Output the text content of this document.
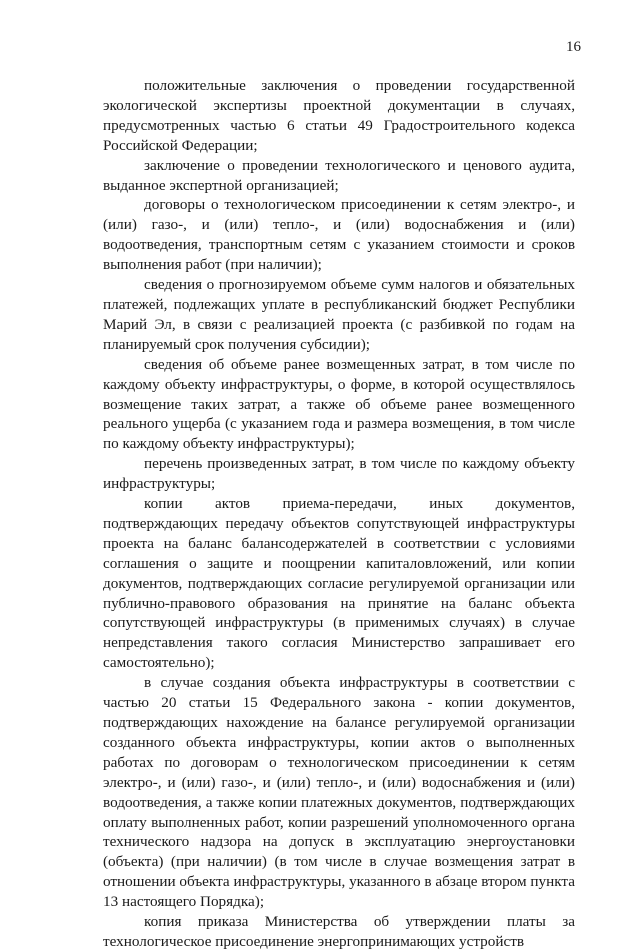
16

положительные заключения о проведении государственной экологической экспертизы проектной документации в случаях, предусмотренных частью 6 статьи 49 Градостроительного кодекса Российской Федерации;

заключение о проведении технологического и ценового аудита, выданное экспертной организацией;

договоры о технологическом присоединении к сетям электро-, и (или) газо-, и (или) тепло-, и (или) водоснабжения и (или) водоотведения, транспортным сетям с указанием стоимости и сроков выполнения работ (при наличии);

сведения о прогнозируемом объеме сумм налогов и обязательных платежей, подлежащих уплате в республиканский бюджет Республики Марий Эл, в связи с реализацией проекта (с разбивкой по годам на планируемый срок получения субсидии);

сведения об объеме ранее возмещенных затрат, в том числе по каждому объекту инфраструктуры, о форме, в которой осуществлялось возмещение таких затрат, а также об объеме ранее возмещенного реального ущерба (с указанием года и размера возмещения, в том числе по каждому объекту инфраструктуры);

перечень произведенных затрат, в том числе по каждому объекту инфраструктуры;

копии актов приема-передачи, иных документов, подтверждающих передачу объектов сопутствующей инфраструктуры проекта на баланс балансодержателей в соответствии с условиями соглашения о защите и поощрении капиталовложений, или копии документов, подтверждающих согласие регулируемой организации или публично-правового образования на принятие на баланс объекта сопутствующей инфраструктуры (в применимых случаях) в случае непредставления такого согласия Министерство запрашивает его самостоятельно);

в случае создания объекта инфраструктуры в соответствии с частью 20 статьи 15 Федерального закона - копии документов, подтверждающих нахождение на балансе регулируемой организации созданного объекта инфраструктуры, копии актов о выполненных работах по договорам о технологическом присоединении к сетям электро-, и (или) газо-, и (или) тепло-, и (или) водоснабжения и (или) водоотведения, а также копии платежных документов, подтверждающих оплату выполненных работ, копии разрешений уполномоченного органа технического надзора на допуск в эксплуатацию энергоустановки (объекта) (при наличии) (в том числе в случае возмещения затрат в отношении объекта инфраструктуры, указанного в абзаце втором пункта 13 настоящего Порядка);

копия приказа Министерства об утверждении платы за технологическое присоединение энергопринимающих устройств
